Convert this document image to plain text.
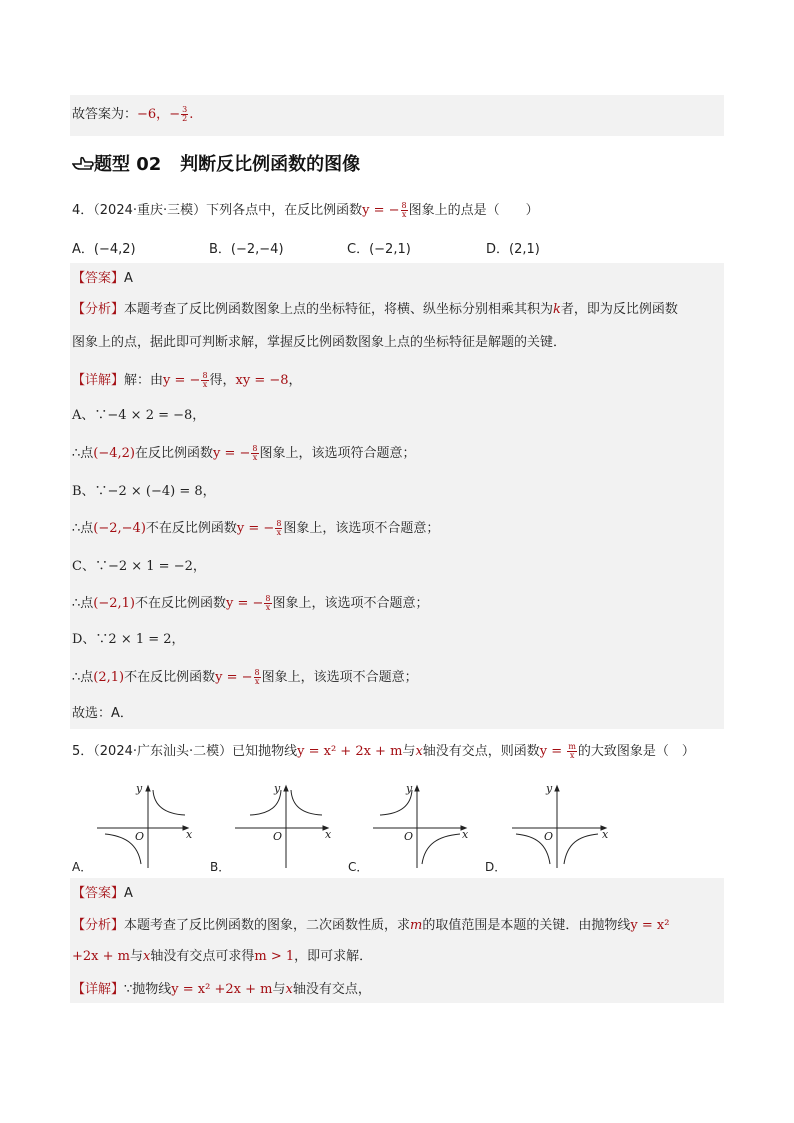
故答案为：−6，− $\frac{3}{2}$ .
题型 02 判断反比例函数的图像
4．（2024·重庆·三模）下列各点中，在反比例函数y = − $\frac{8}{x}$ 图象上的点是（　　）
A．(−4,2)	B．(−2,−4)	C．(−2,1)	D．(2,1)
【答案】A
【分析】本题考查了反比例函数图象上点的坐标特征，将横、纵坐标分别相乘其积为k者，即为反比例函数
图象上的点，据此即可判断求解，掌握反比例函数图象上点的坐标特征是解题的关键．
【详解】解：由y = − $\frac{8}{x}$ 得，xy = −8，
A、∵−4 × 2 = −8，
∴点(−4,2)在反比例函数y = − $\frac{8}{x}$ 图象上，该选项符合题意；
B、∵−2 × (−4) = 8，
∴点(−2,−4)不在反比例函数y = − $\frac{8}{x}$ 图象上，该选项不合题意；
C、∵−2 × 1 = −2，
∴点(−2,1)不在反比例函数y = − $\frac{8}{x}$ 图象上，该选项不合题意；
D、∵2 × 1 = 2，
∴点(2,1)不在反比例函数y = − $\frac{8}{x}$ 图象上，该选项不合题意；
故选：A．
5．（2024·广东汕头·二模）已知抛物线y = x² + 2x + m与x轴没有交点，则函数$y = \frac{m}{x}$ 的大致图象是（　）
y
x
O
y
x
O
y
x
O
y
x
O
A．	B．	C．	D．
【答案】A
【分析】本题考查了反比例函数的图象，二次函数性质，求m的取值范围是本题的关键．由抛物线y = x²
+2x + m与x轴没有交点可求得m > 1，即可求解．
【详解】∵抛物线y = x² +2x + m与x轴没有交点，
